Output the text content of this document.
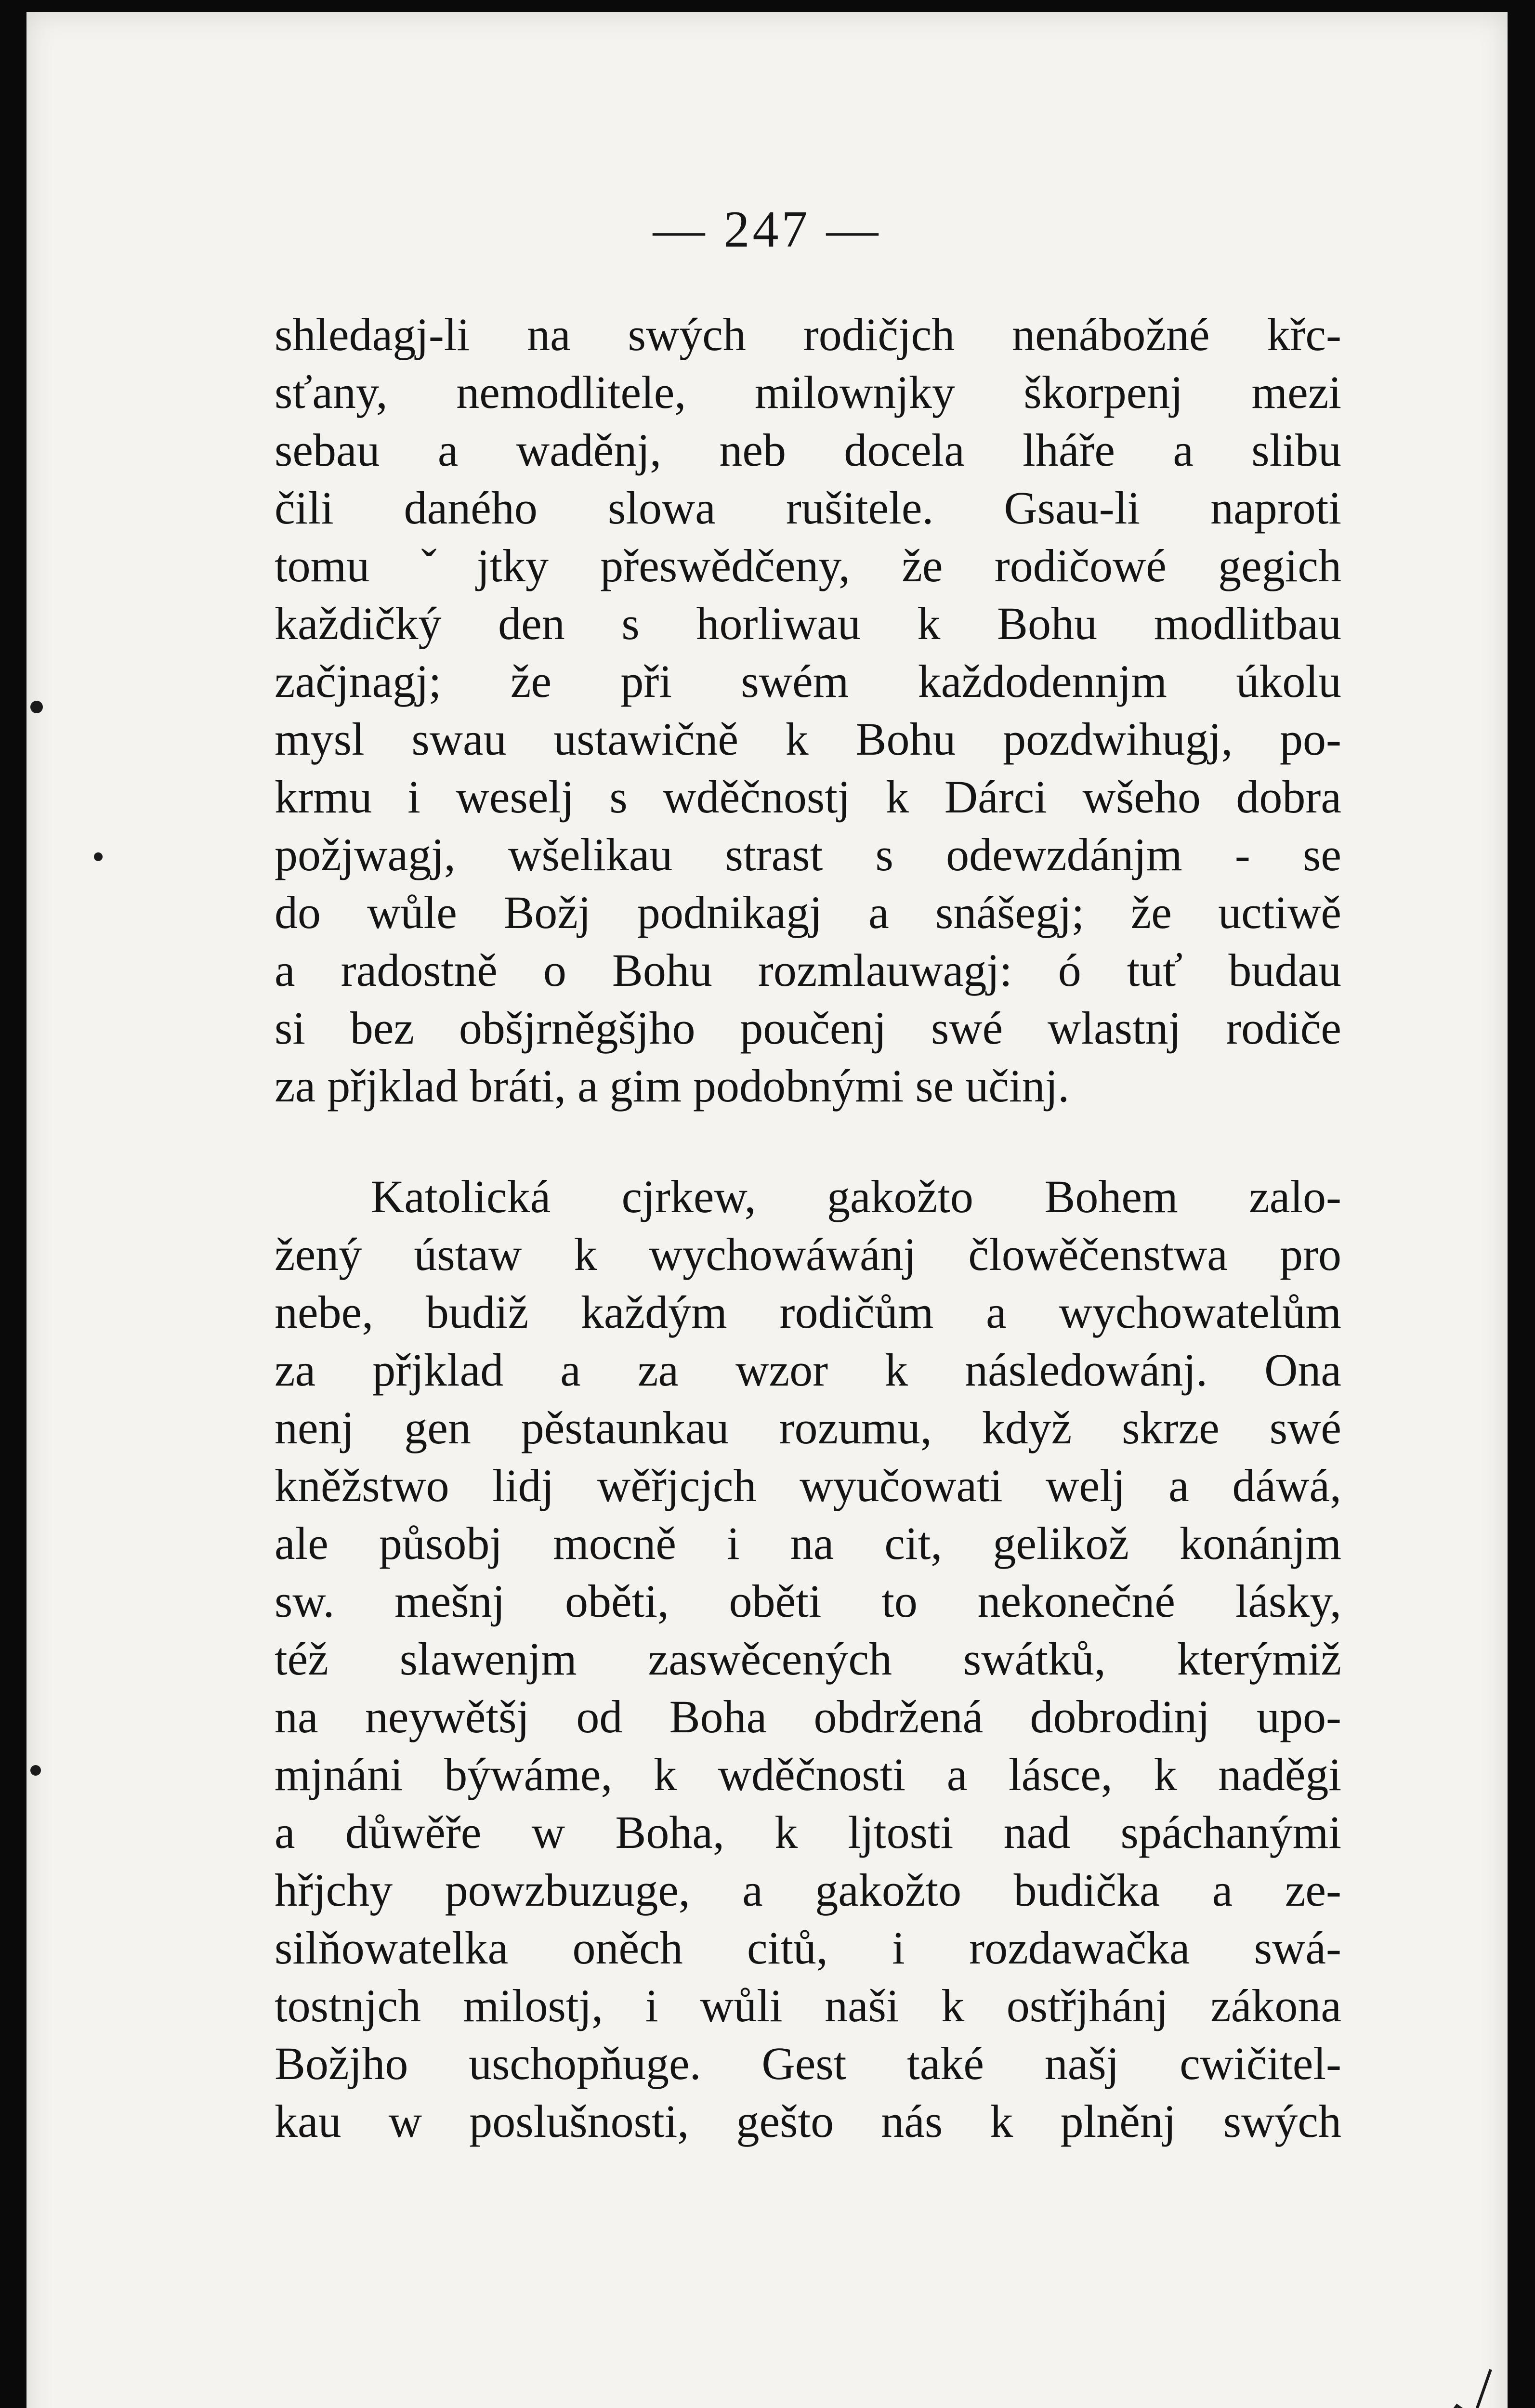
— 247 —
shledagj-li na swých rodičjch nenábožné křc-
sťany, nemodlitele, milownjky škorpenj mezi
sebau a waděnj, neb docela lháře a slibu
čili daného slowa rušitele. Gsau-li naproti
tomu ˇjtky přeswědčeny, že rodičowé gegich
každičký den s horliwau k Bohu modlitbau
začjnagj; že při swém každodennjm úkolu
mysl swau ustawičně k Bohu pozdwihugj, po-
krmu i weselj s wděčnostj k Dárci wšeho dobra
požjwagj, wšelikau strast s odewzdánjm - se
do wůle Božj podnikagj a snášegj; že uctiwě
a radostně o Bohu rozmlauwagj: ó tuť budau
si bez obšjrněgšjho poučenj swé wlastnj rodiče
za přjklad bráti, a gim podobnými se učinj.
Katolická cjrkew, gakožto Bohem zalo-
žený ústaw k wychowáwánj člowěčenstwa pro
nebe, budiž každým rodičům a wychowatelům
za přjklad a za wzor k následowánj. Ona
nenj gen pěstaunkau rozumu, když skrze swé
kněžstwo lidj wěřjcjch wyučowati welj a dáwá,
ale působj mocně i na cit, gelikož konánjm
sw. mešnj oběti, oběti to nekonečné lásky,
též slawenjm zaswěcených swátků, kterýmiž
na neywětšj od Boha obdržená dobrodinj upo-
mjnáni býwáme, k wděčnosti a lásce, k naděgi
a důwěře w Boha, k ljtosti nad spáchanými
hřjchy powzbuzuge, a gakožto budička a ze-
silňowatelka oněch citů, i rozdawačka swá-
tostnjch milostj, i wůli naši k ostřjhánj zákona
Božjho uschopňuge. Gest také našj cwičitel-
kau w poslušnosti, gešto nás k plněnj swých
